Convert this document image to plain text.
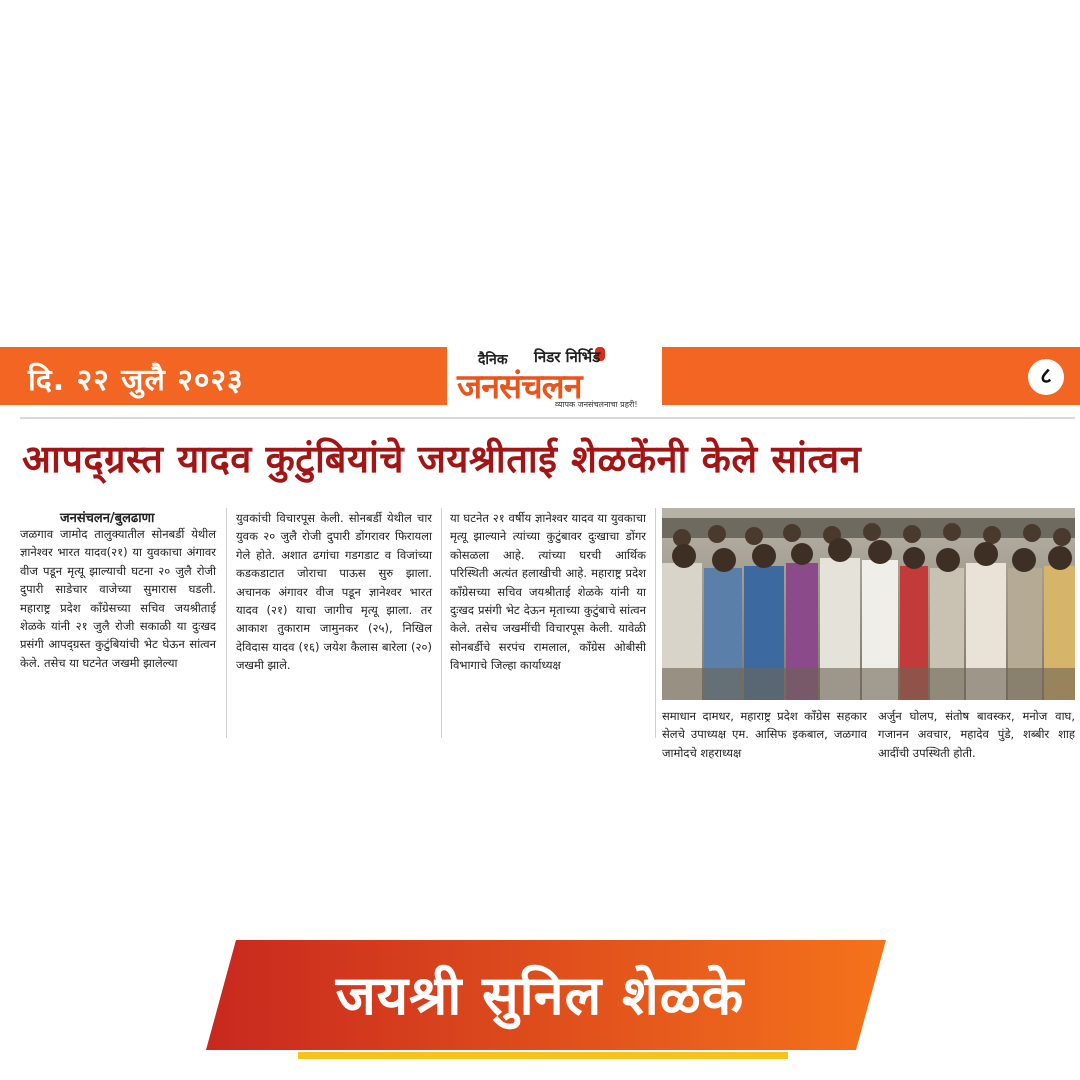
दि. २२ जुलै २०२३	८
दैनिक निडर निर्भिड
जनसंचलन
व्यापक जनसंचलनाचा प्रहरी!
आपद्ग्रस्त यादव कुटुंबियांचे जयश्रीताई शेळकेंनी केले सांत्वन
जनसंचलन/बुलढाणा
जळगाव जामोद तालुक्यातील सोनबर्डी येथील ज्ञानेश्वर भारत यादव(२१) या युवकाचा अंगावर वीज पडून मृत्यू झाल्याची घटना २० जुलै रोजी दुपारी साडेचार वाजेच्या सुमारास घडली. महाराष्ट्र प्रदेश काँग्रेसच्या सचिव जयश्रीताई शेळके यांनी २१ जुलै रोजी सकाळी या दुःखद प्रसंगी आपद्ग्रस्त कुटुंबियांची भेट घेऊन सांत्वन केले. तसेच या घटनेत जखमी झालेल्या
युवकांची विचारपूस केली. सोनबर्डी येथील चार युवक २० जुलै रोजी दुपारी डोंगरावर फिरायला गेले होते. अशात ढगांचा गडगडाट व विजांच्या कडकडाटात जोराचा पाऊस सुरु झाला. अचानक अंगावर वीज पडून ज्ञानेश्वर भारत यादव (२१) याचा जागीच मृत्यू झाला. तर आकाश तुकाराम जामुनकर (२५), निखिल देविदास यादव (१६) जयेश कैलास बारेला (२०) जखमी झाले.
या घटनेत २१ वर्षीय ज्ञानेश्वर यादव या युवकाचा मृत्यू झाल्याने त्यांच्या कुटुंबावर दुःखाचा डोंगर कोसळला आहे. त्यांच्या घरची आर्थिक परिस्थिती अत्यंत हलाखीची आहे. महाराष्ट्र प्रदेश काँग्रेसच्या सचिव जयश्रीताई शेळके यांनी या दुःखद प्रसंगी भेट देऊन मृताच्या कुटुंबाचे सांत्वन केले. तसेच जखमींची विचारपूस केली. यावेळी सोनबर्डीचे सरपंच रामलाल, काँग्रेस ओबीसी विभागाचे जिल्हा कार्याध्यक्ष
समाधान दामधर, महाराष्ट्र प्रदेश काँग्रेस सहकार सेलचे उपाध्यक्ष एम. आसिफ इकबाल, जळगाव जामोदचे शहराध्यक्ष
अर्जुन घोलप, संतोष बावस्कर, मनोज वाघ, गजानन अवचार, महादेव पुंडे, शब्बीर शाह आदींची उपस्थिती होती.
जयश्री सुनिल शेळके
